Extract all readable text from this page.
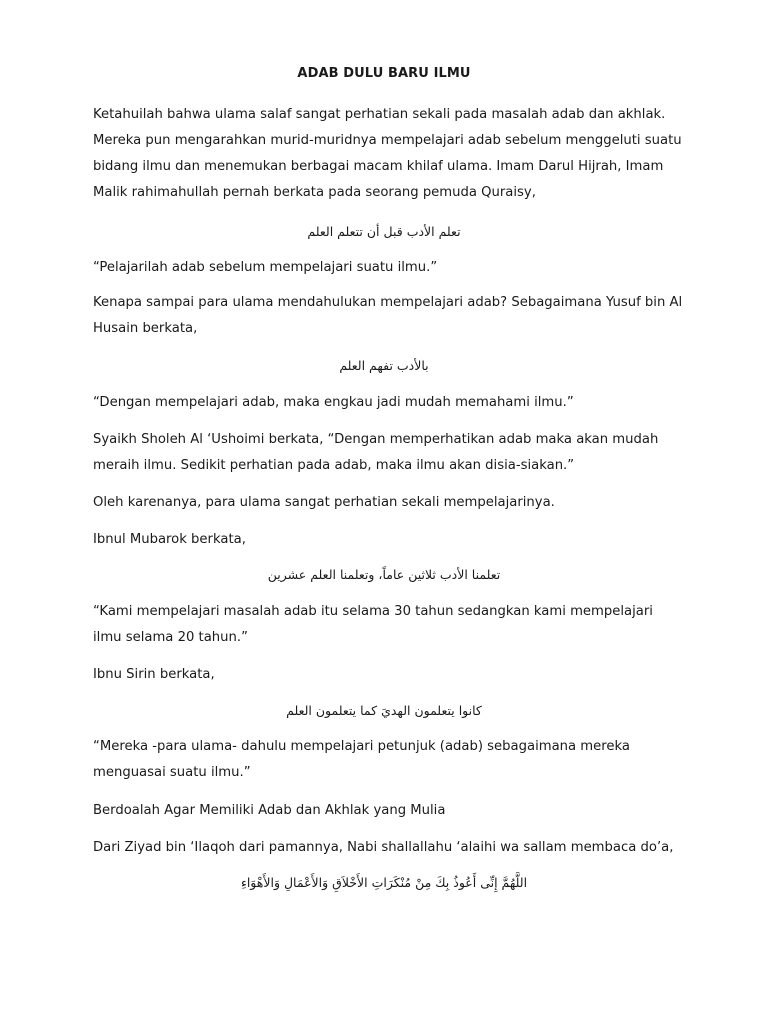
ADAB DULU BARU ILMU

Ketahuilah bahwa ulama salaf sangat perhatian sekali pada masalah adab dan akhlak. Mereka pun mengarahkan murid-muridnya mempelajari adab sebelum menggeluti suatu bidang ilmu dan menemukan berbagai macam khilaf ulama. Imam Darul Hijrah, Imam Malik rahimahullah pernah berkata pada seorang pemuda Quraisy,

تعلم الأدب قبل أن تتعلم العلم

“Pelajarilah adab sebelum mempelajari suatu ilmu.”

Kenapa sampai para ulama mendahulukan mempelajari adab? Sebagaimana Yusuf bin Al Husain berkata,

بالأدب تفهم العلم

“Dengan mempelajari adab, maka engkau jadi mudah memahami ilmu.”

Syaikh Sholeh Al ‘Ushoimi berkata, “Dengan memperhatikan adab maka akan mudah meraih ilmu. Sedikit perhatian pada adab, maka ilmu akan disia-siakan.”

Oleh karenanya, para ulama sangat perhatian sekali mempelajarinya.

Ibnul Mubarok berkata,

تعلمنا الأدب ثلاثين عاماً، وتعلمنا العلم عشرين

“Kami mempelajari masalah adab itu selama 30 tahun sedangkan kami mempelajari ilmu selama 20 tahun.”

Ibnu Sirin berkata,

كانوا يتعلمون الهديَ كما يتعلمون العلم

“Mereka -para ulama- dahulu mempelajari petunjuk (adab) sebagaimana mereka menguasai suatu ilmu.”

Berdoalah Agar Memiliki Adab dan Akhlak yang Mulia

Dari Ziyad bin ‘Ilaqoh dari pamannya, Nabi shallallahu ‘alaihi wa sallam membaca do’a,

اللَّهُمَّ إِنِّى أَعُوذُ بِكَ مِنْ مُنْكَرَاتِ الأَخْلاَقِ وَالأَعْمَالِ وَالأَهْوَاءِ
